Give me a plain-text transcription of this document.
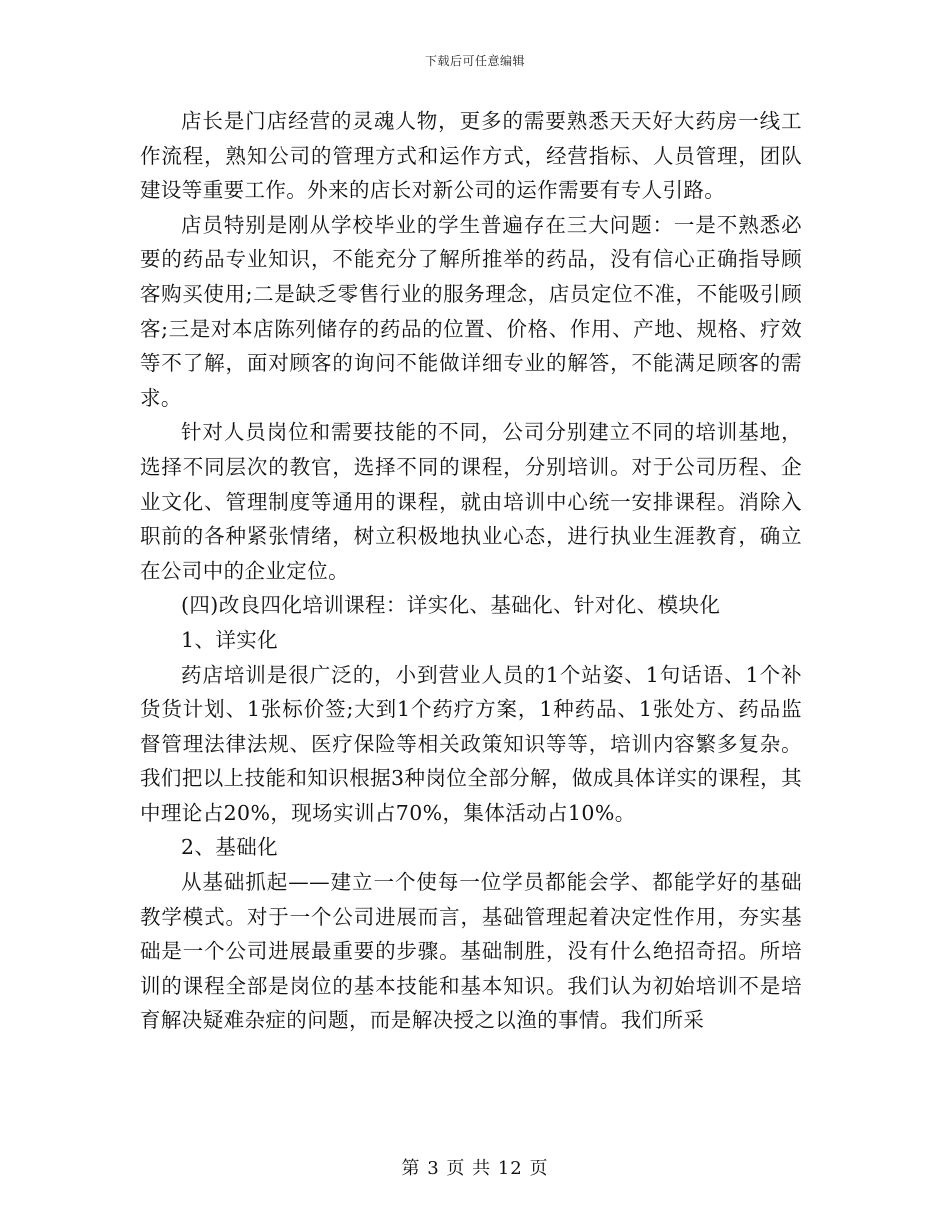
下载后可任意编辑

店长是门店经营的灵魂人物，更多的需要熟悉天天好大药房一线工作流程，熟知公司的管理方式和运作方式，经营指标、人员管理，团队建设等重要工作。外来的店长对新公司的运作需要有专人引路。

店员特别是刚从学校毕业的学生普遍存在三大问题：一是不熟悉必要的药品专业知识，不能充分了解所推举的药品，没有信心正确指导顾客购买使用;二是缺乏零售行业的服务理念，店员定位不准，不能吸引顾客;三是对本店陈列储存的药品的位置、价格、作用、产地、规格、疗效等不了解，面对顾客的询问不能做详细专业的解答，不能满足顾客的需求。

针对人员岗位和需要技能的不同，公司分别建立不同的培训基地，选择不同层次的教官，选择不同的课程，分别培训。对于公司历程、企业文化、管理制度等通用的课程，就由培训中心统一安排课程。消除入职前的各种紧张情绪，树立积极地执业心态，进行执业生涯教育，确立在公司中的企业定位。

(四)改良四化培训课程：详实化、基础化、针对化、模块化

1、详实化

药店培训是很广泛的，小到营业人员的1个站姿、1句话语、1个补货货计划、1张标价签;大到1个药疗方案，1种药品、1张处方、药品监督管理法律法规、医疗保险等相关政策知识等等，培训内容繁多复杂。我们把以上技能和知识根据3种岗位全部分解，做成具体详实的课程，其中理论占20%，现场实训占70%，集体活动占10%。

2、基础化

从基础抓起——建立一个使每一位学员都能会学、都能学好的基础教学模式。对于一个公司进展而言，基础管理起着决定性作用，夯实基础是一个公司进展最重要的步骤。基础制胜，没有什么绝招奇招。所培训的课程全部是岗位的基本技能和基本知识。我们认为初始培训不是培育解决疑难杂症的问题，而是解决授之以渔的事情。我们所采

第 3 页 共 12 页
